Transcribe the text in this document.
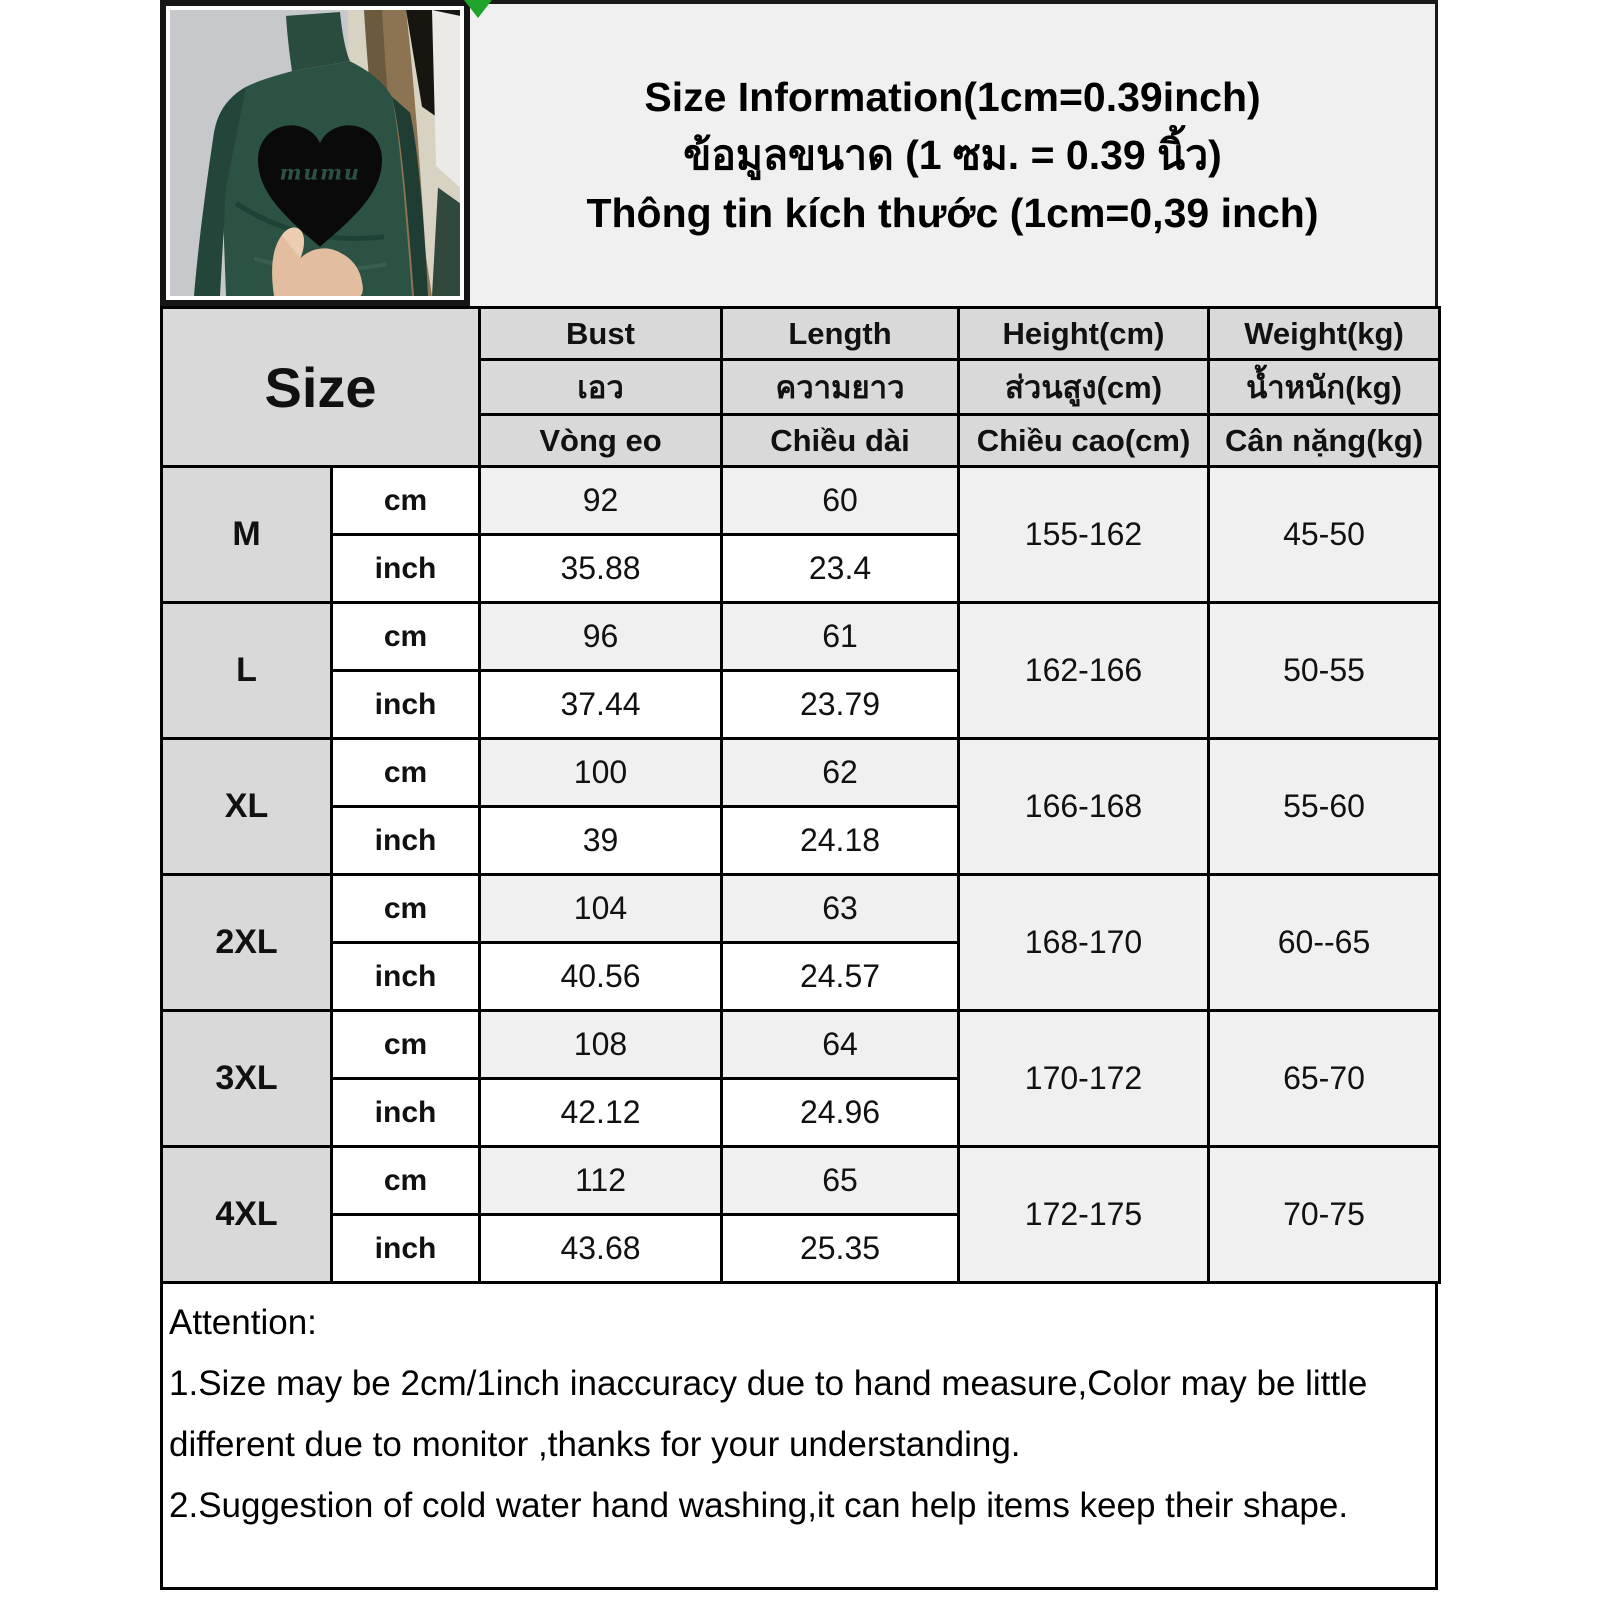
mumu
Size Information(1cm=0.39inch)
ข้อมูลขนาด (1 ซม. = 0.39 นิ้ว)
Thông tin kích thước (1cm=0,39 inch)
Size		Bust	Length	Height(cm)	Weight(kg)
		เอว	ความยาว	ส่วนสูง(cm)	น้ำหนัก(kg)
		Vòng eo	Chiều dài	Chiều cao(cm)	Cân nặng(kg)
M	cm	92	60	155-162	45-50
	inch	35.88	23.4		
L	cm	96	61	162-166	50-55
	inch	37.44	23.79		
XL	cm	100	62	166-168	55-60
	inch	39	24.18		
2XL	cm	104	63	168-170	60--65
	inch	40.56	24.57		
3XL	cm	108	64	170-172	65-70
	inch	42.12	24.96		
4XL	cm	112	65	172-175	70-75
	inch	43.68	25.35		

Attention:

1.Size may be 2cm/1inch inaccuracy due to hand measure,Color may be little different due to monitor ,thanks for your understanding.

2.Suggestion of cold water hand washing,it can help items keep their shape.
